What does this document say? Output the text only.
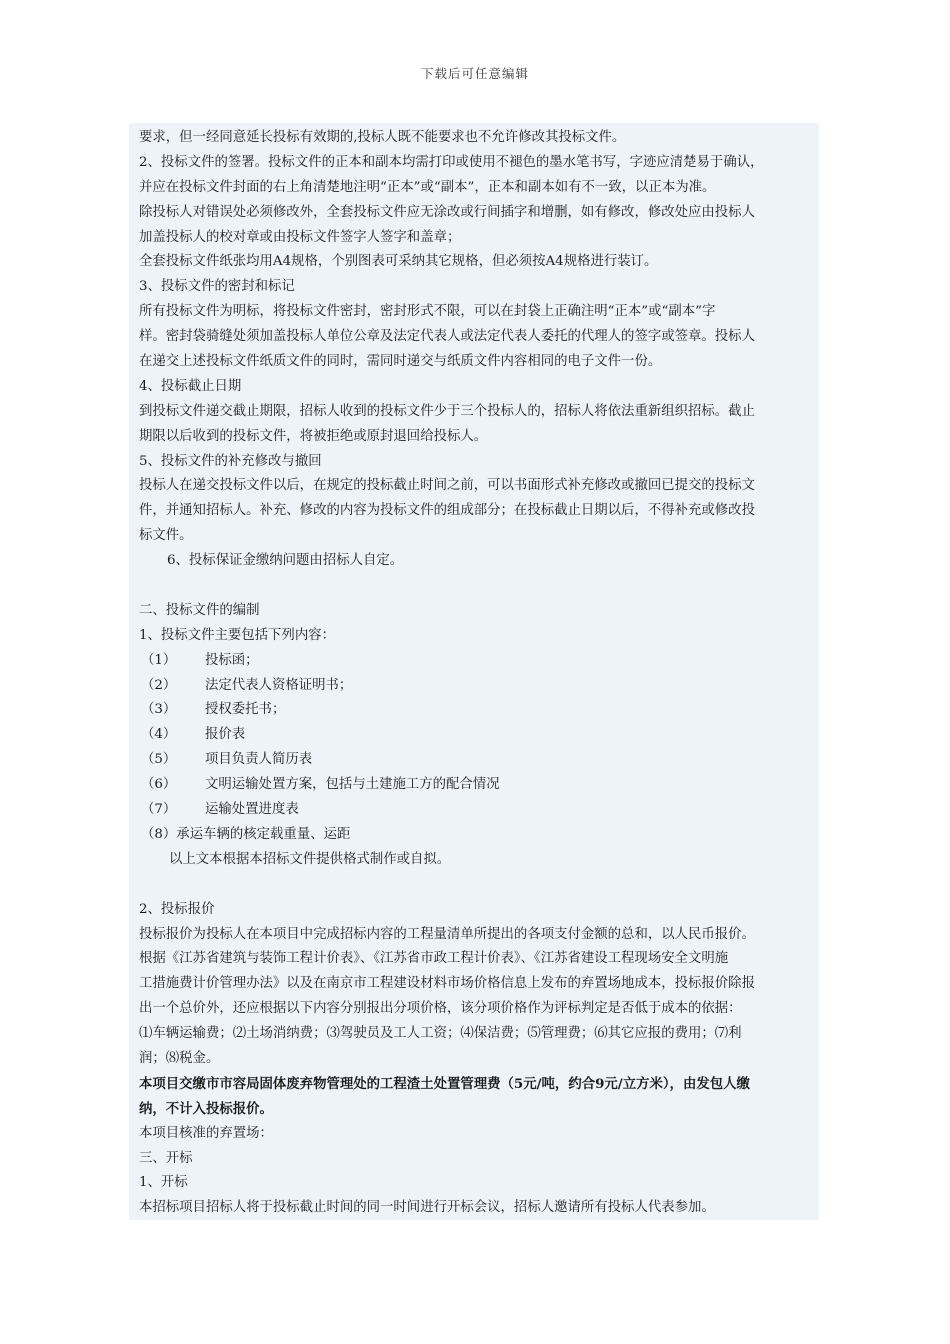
下载后可任意编辑
要求，但一经同意延长投标有效期的,投标人既不能要求也不允许修改其投标文件。
2、投标文件的签署。投标文件的正本和副本均需打印或使用不褪色的墨水笔书写，字迹应清楚易于确认，
并应在投标文件封面的右上角清楚地注明“正本”或“副本”，正本和副本如有不一致，以正本为准。
除投标人对错误处必须修改外，全套投标文件应无涂改或行间插字和增删，如有修改，修改处应由投标人
加盖投标人的校对章或由投标文件签字人签字和盖章；
全套投标文件纸张均用A4规格，个别图表可采纳其它规格，但必须按A4规格进行装订。
3、投标文件的密封和标记
所有投标文件为明标，将投标文件密封，密封形式不限，可以在封袋上正确注明“正本”或“副本”字
样。密封袋骑缝处须加盖投标人单位公章及法定代表人或法定代表人委托的代理人的签字或签章。投标人
在递交上述投标文件纸质文件的同时，需同时递交与纸质文件内容相同的电子文件一份。
4、投标截止日期
到投标文件递交截止期限，招标人收到的投标文件少于三个投标人的，招标人将依法重新组织招标。截止
期限以后收到的投标文件，将被拒绝或原封退回给投标人。
5、投标文件的补充修改与撤回
投标人在递交投标文件以后，在规定的投标截止时间之前，可以书面形式补充修改或撤回已提交的投标文
件，并通知招标人。补充、修改的内容为投标文件的组成部分；在投标截止日期以后，不得补充或修改投
标文件。
6、投标保证金缴纳问题由招标人自定。
二、投标文件的编制
1、投标文件主要包括下列内容：
（1） 投标函；
（2） 法定代表人资格证明书；
（3） 授权委托书；
（4） 报价表
（5） 项目负责人简历表
（6） 文明运输处置方案，包括与土建施工方的配合情况
（7） 运输处置进度表
（8）承运车辆的核定载重量、运距
以上文本根据本招标文件提供格式制作或自拟。
2、投标报价
投标报价为投标人在本项目中完成招标内容的工程量清单所提出的各项支付金额的总和，以人民币报价。
根据《江苏省建筑与装饰工程计价表》、《江苏省市政工程计价表》、《江苏省建设工程现场安全文明施
工措施费计价管理办法》以及在南京市工程建设材料市场价格信息上发布的弃置场地成本，投标报价除报
出一个总价外，还应根据以下内容分别报出分项价格，该分项价格作为评标判定是否低于成本的依据：
⑴车辆运输费；⑵土场消纳费；⑶驾驶员及工人工资；⑷保洁费；⑸管理费；⑹其它应报的费用；⑺利
润；⑻税金。
本项目交缴市市容局固体废弃物管理处的工程渣土处置管理费（5元/吨，约合9元/立方米），由发包人缴
纳，不计入投标报价。
本项目核准的弃置场：
三、开标
1、开标
本招标项目招标人将于投标截止时间的同一时间进行开标会议，招标人邀请所有投标人代表参加。
